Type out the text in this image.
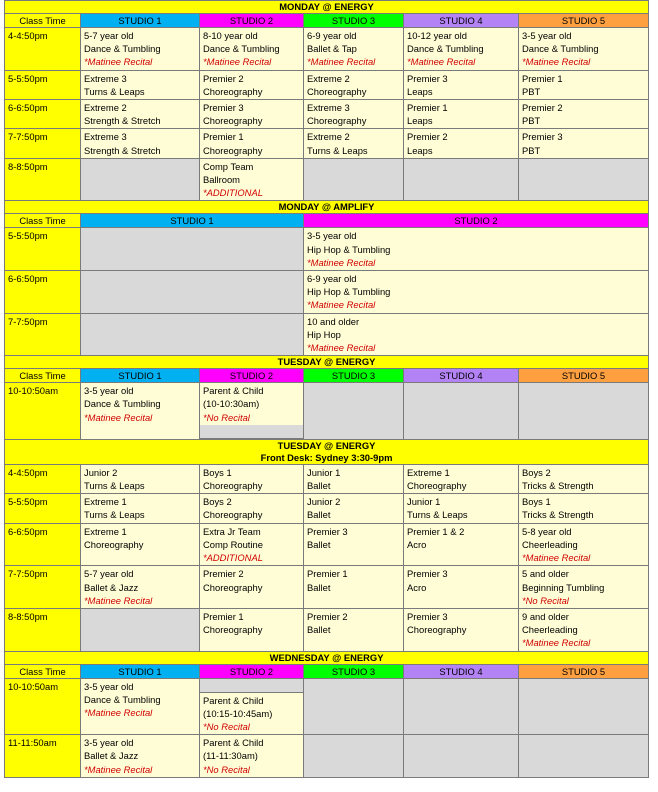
MONDAY @ ENERGY					

Class Time	STUDIO 1	STUDIO 2	STUDIO 3	STUDIO 4	STUDIO 5
4-4:50pm	5-7 year old
Dance & Tumbling
*Matinee Recital	8-10 year old
Dance & Tumbling
*Matinee Recital	6-9 year old
Ballet & Tap
*Matinee Recital	10-12 year old
Dance & Tumbling
*Matinee Recital	3-5 year old
Dance & Tumbling
*Matinee Recital

5-5:50pm	Extreme 3
Turns & Leaps	Premier 2
Choreography	Extreme 2
Choreography	Premier 3
Leaps	Premier 1
PBT

6-6:50pm	Extreme 2
Strength & Stretch	Premier 3
Choreography	Extreme 3
Choreography	Premier 1
Leaps	Premier 2
PBT

7-7:50pm	Extreme 3
Strength & Stretch	Premier 1
Choreography	Extreme 2
Turns & Leaps	Premier 2
Leaps	Premier 3
PBT

8-8:50pm		Comp Team
Ballroom
*ADDITIONAL			

MONDAY @ AMPLIFY					

Class Time	STUDIO 1		STUDIO 2		
5-5:50pm			3-5 year old
Hip Hop & Tumbling
*Matinee Recital		

6-6:50pm			6-9 year old
Hip Hop & Tumbling
*Matinee Recital		

7-7:50pm			10 and older
Hip Hop
*Matinee Recital		

TUESDAY @ ENERGY					

Class Time	STUDIO 1	STUDIO 2	STUDIO 3	STUDIO 4	STUDIO 5
10-10:50am	3-5 year old
Dance & Tumbling
*Matinee Recital	Parent & Child
(10-10:30am)
*No Recital			

TUESDAY @ ENERGY
Front Desk: Sydney 3:30-9pm					

4-4:50pm	Junior 2
Turns & Leaps	Boys 1
Choreography	Junior 1
Ballet	Extreme 1
Choreography	Boys 2
Tricks & Strength

5-5:50pm	Extreme 1
Turns & Leaps	Boys 2
Choreography	Junior 2
Ballet	Junior 1
Turns & Leaps	Boys 1
Tricks & Strength

6-6:50pm	Extreme 1
Choreography	Extra Jr Team
Comp Routine
*ADDITIONAL	Premier 3
Ballet	Premier 1 & 2
Acro	5-8 year old
Cheerleading
*Matinee Recital

7-7:50pm	5-7 year old
Ballet & Jazz
*Matinee Recital	Premier 2
Choreography	Premier 1
Ballet	Premier 3
Acro	5 and older
Beginning Tumbling
*No Recital

8-8:50pm		Premier 1
Choreography	Premier 2
Ballet	Premier 3
Choreography	9 and older
Cheerleading
*Matinee Recital

WEDNESDAY @ ENERGY					

Class Time	STUDIO 1	STUDIO 2	STUDIO 3	STUDIO 4	STUDIO 5
10-10:50am	3-5 year old
Dance & Tumbling
*Matinee Recital	Parent & Child
(10:15-10:45am)
*No Recital			

11-11:50am	3-5 year old
Ballet & Jazz
*Matinee Recital	Parent & Child
(11-11:30am)
*No Recital			
